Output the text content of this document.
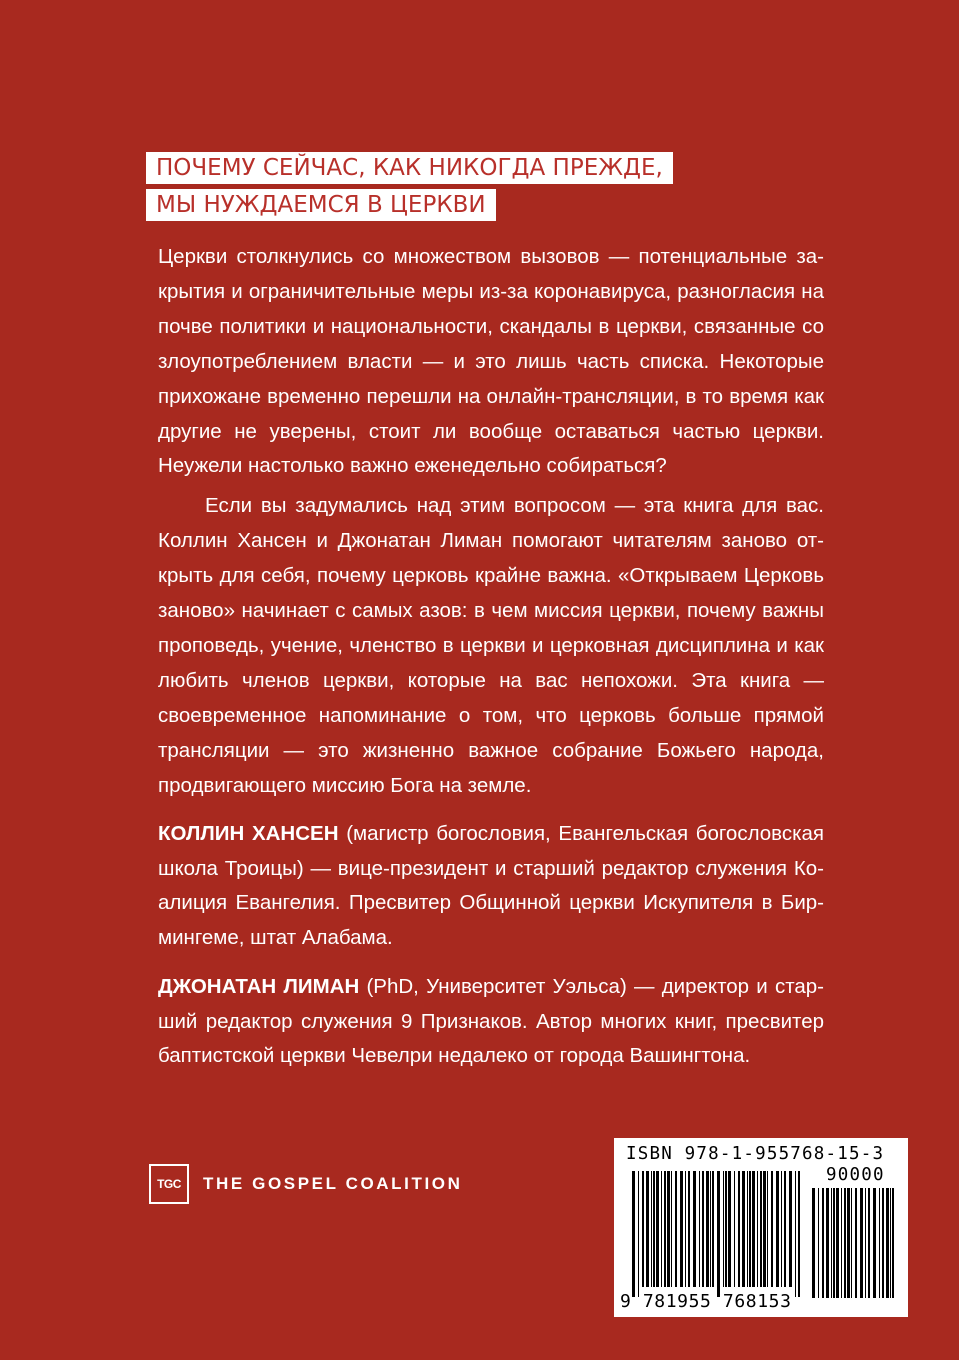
ПОЧЕМУ СЕЙЧАС, КАК НИКОГДА ПРЕЖДЕ,
МЫ НУЖДАЕМСЯ В ЦЕРКВИ

Церкви столкнулись со множеством вызовов — потенциальные закрытия и ограничительные меры из-за коронавируса, разногласия на почве политики и национальности, скандалы в церкви, связанные со злоупотреблением власти — и это лишь часть списка. Некоторые прихожане временно перешли на онлайн-трансляции, в то время как другие не уверены, стоит ли вообще оставаться частью церкви. Неужели настолько важно еженедельно собираться?

Если вы задумались над этим вопросом — эта книга для вас. Коллин Хансен и Джонатан Лиман помогают читателям заново открыть для себя, почему церковь крайне важна. «Открываем Церковь заново» начинает с самых азов: в чем миссия церкви, почему важны проповедь, учение, членство в церкви и церковная дисциплина и как любить членов церкви, которые на вас непохожи. Эта книга — своевременное напоминание о том, что церковь больше прямой трансляции — это жизненно важное собрание Божьего народа, продвигающего миссию Бога на земле.

КОЛЛИН ХАНСЕН (магистр богословия, Евангельская богословская школа Троицы) — вице-президент и старший редактор служения Коалиция Евангелия. Пресвитер Общинной церкви Искупителя в Бирмингеме, штат Алабама.

ДЖОНАТАН ЛИМАН (PhD, Университет Уэльса) — директор и старший редактор служения 9 Признаков. Автор многих книг, пресвитер баптистской церкви Чевелри недалеко от города Вашингтона.

TGC THE GOSPEL COALITION
ISBN 978-1-955768-15-3
90000
9 781955 768153
